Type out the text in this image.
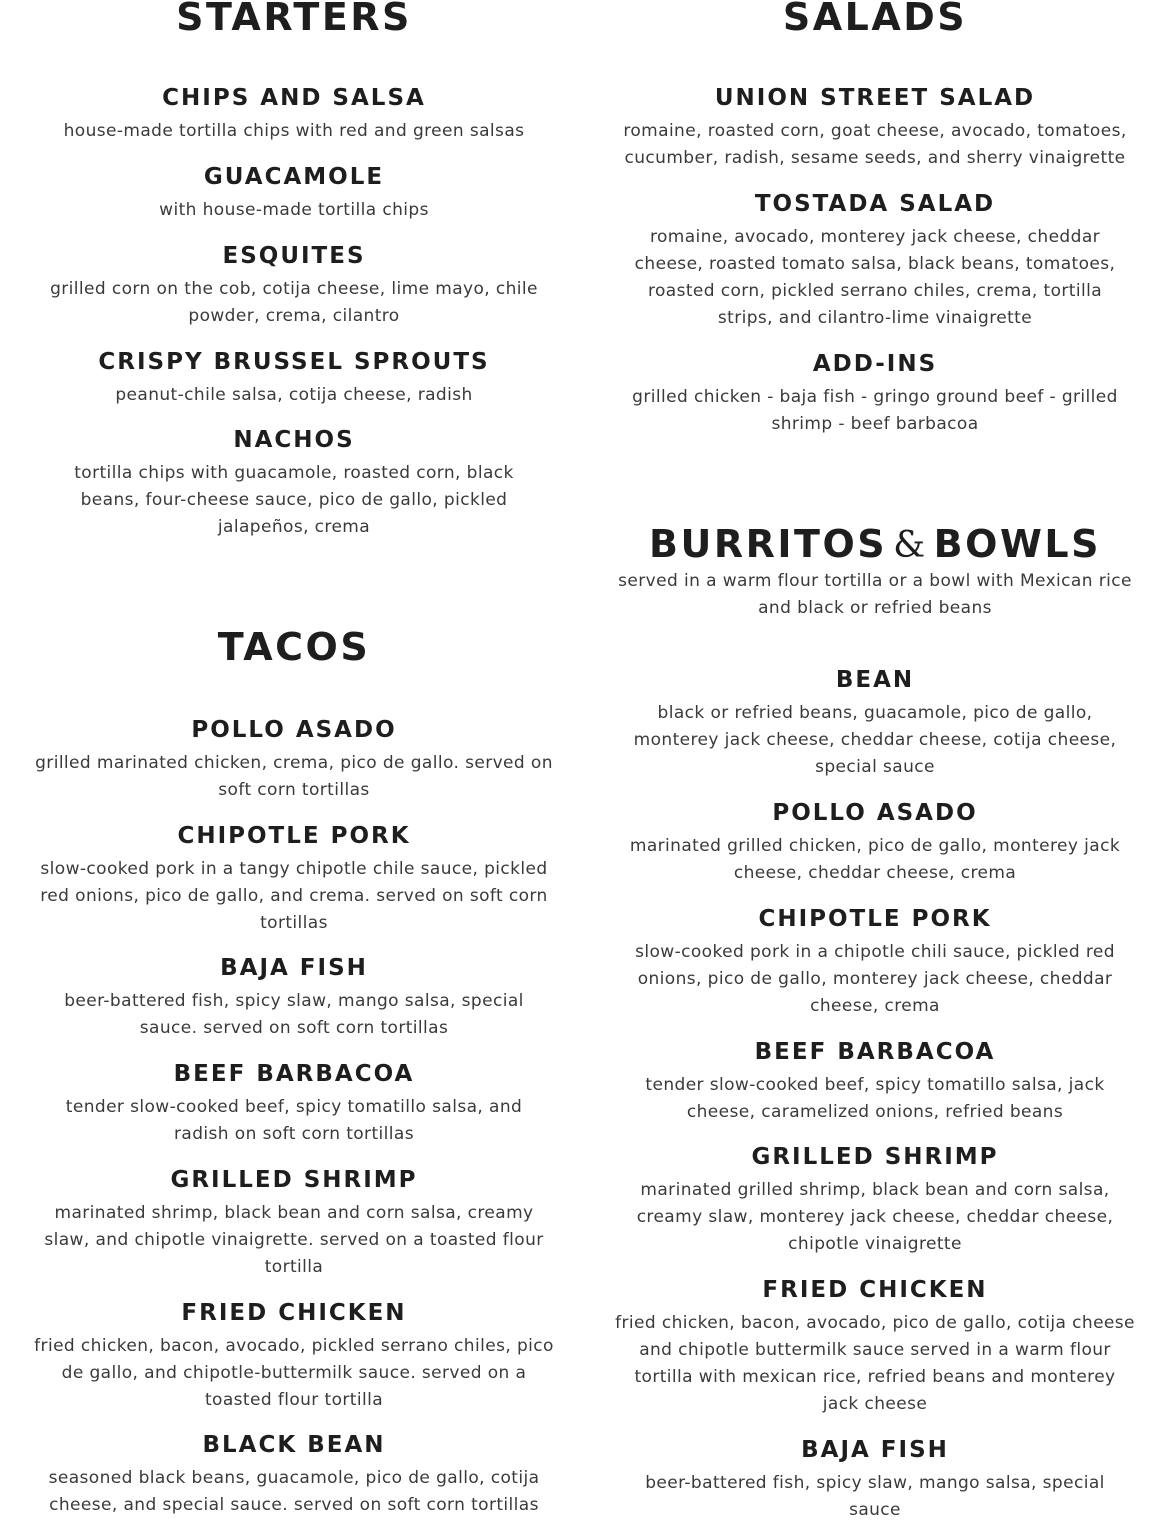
STARTERS
CHIPS AND SALSA

house-made tortilla chips with red and green salsas

GUACAMOLE

with house-made tortilla chips

ESQUITES

grilled corn on the cob, cotija cheese, lime mayo, chile powder, crema, cilantro

CRISPY BRUSSEL SPROUTS

peanut-chile salsa, cotija cheese, radish

NACHOS

tortilla chips with guacamole, roasted corn, black beans, four-cheese sauce, pico de gallo, pickled jalapeños, crema

TACOS
POLLO ASADO

grilled marinated chicken, crema, pico de gallo. served on soft corn tortillas

CHIPOTLE PORK

slow-cooked pork in a tangy chipotle chile sauce, pickled red onions, pico de gallo, and crema. served on soft corn tortillas

BAJA FISH

beer-battered fish, spicy slaw, mango salsa, special sauce. served on soft corn tortillas

BEEF BARBACOA

tender slow-cooked beef, spicy tomatillo salsa, and radish on soft corn tortillas

GRILLED SHRIMP

marinated shrimp, black bean and corn salsa, creamy slaw, and chipotle vinaigrette. served on a toasted flour tortilla

FRIED CHICKEN

fried chicken, bacon, avocado, pickled serrano chiles, pico de gallo, and chipotle-buttermilk sauce. served on a toasted flour tortilla

BLACK BEAN

seasoned black beans, guacamole, pico de gallo, cotija cheese, and special sauce. served on soft corn tortillas

SALADS
UNION STREET SALAD

romaine, roasted corn, goat cheese, avocado, tomatoes, cucumber, radish, sesame seeds, and sherry vinaigrette

TOSTADA SALAD

romaine, avocado, monterey jack cheese, cheddar cheese, roasted tomato salsa, black beans, tomatoes, roasted corn, pickled serrano chiles, crema, tortilla strips, and cilantro-lime vinaigrette

ADD-INS

grilled chicken - baja fish - gringo ground beef - grilled shrimp - beef barbacoa

BURRITOS & BOWLS

served in a warm flour tortilla or a bowl with Mexican rice and black or refried beans

BEAN

black or refried beans, guacamole, pico de gallo, monterey jack cheese, cheddar cheese, cotija cheese, special sauce

POLLO ASADO

marinated grilled chicken, pico de gallo, monterey jack cheese, cheddar cheese, crema

CHIPOTLE PORK

slow-cooked pork in a chipotle chili sauce, pickled red onions, pico de gallo, monterey jack cheese, cheddar cheese, crema

BEEF BARBACOA

tender slow-cooked beef, spicy tomatillo salsa, jack cheese, caramelized onions, refried beans

GRILLED SHRIMP

marinated grilled shrimp, black bean and corn salsa, creamy slaw, monterey jack cheese, cheddar cheese, chipotle vinaigrette

FRIED CHICKEN

fried chicken, bacon, avocado, pico de gallo, cotija cheese and chipotle buttermilk sauce served in a warm flour tortilla with mexican rice, refried beans and monterey jack cheese

BAJA FISH

beer-battered fish, spicy slaw, mango salsa, special sauce
